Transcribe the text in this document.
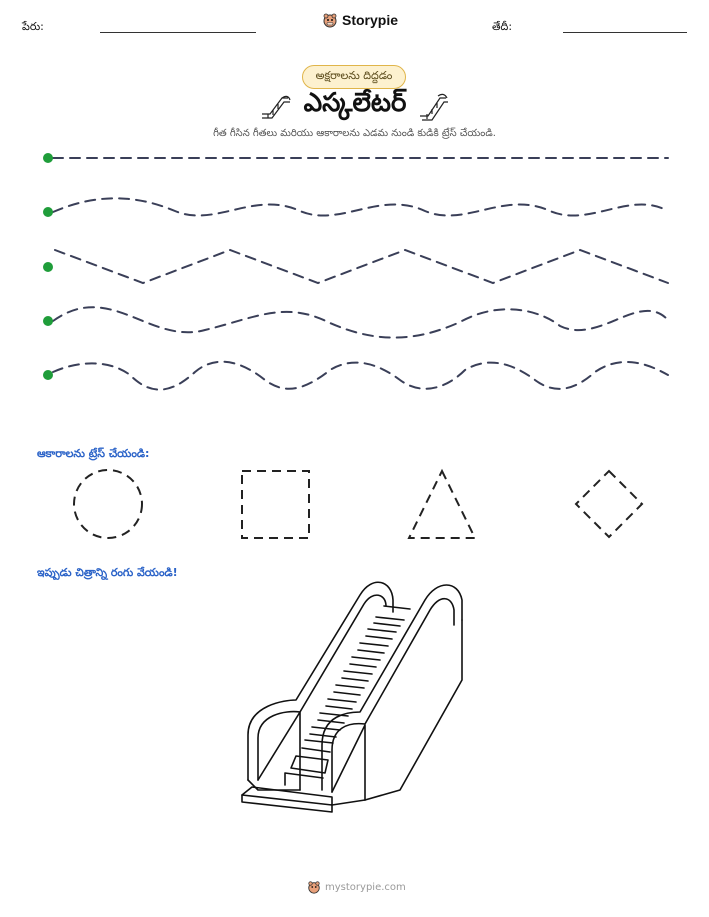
పేరు:	Storypie	తేదీ:
అక్షరాలను దిద్దడం
ఎస్కలేటర్
గీత గీసిన గీతలు మరియు ఆకారాలను ఎడమ నుండి కుడికి ట్రేస్ చేయండి.
ఆకారాలను ట్రేస్ చేయండి:
ఇప్పుడు చిత్రాన్ని రంగు వేయండి!
mystorypie.com
